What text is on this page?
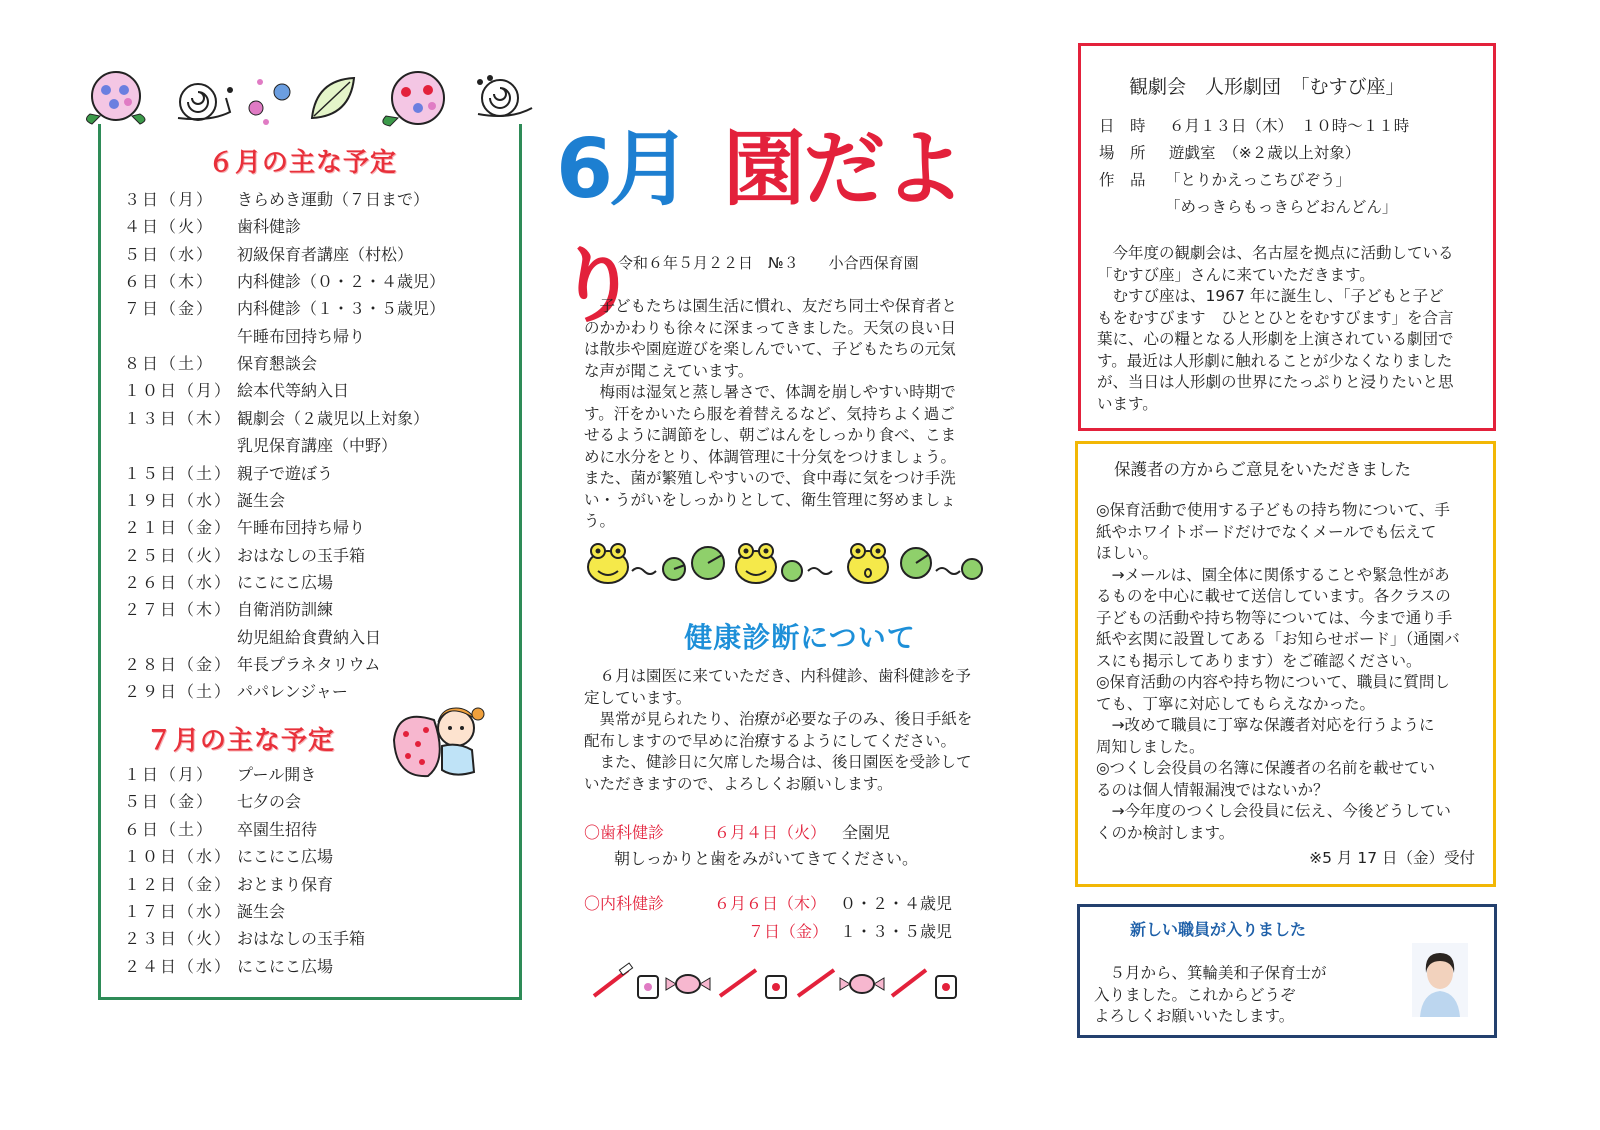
６月の主な予定
３日（月）	きらめき運動（７日まで）
４日（火）	歯科健診
５日（水）	初級保育者講座（村松）
６日（木）	内科健診（０・２・４歳児）
７日（金）	内科健診（１・３・５歳児）
午睡布団持ち帰り
８日（土）	保育懇談会
１０日（月） 絵本代等納入日
１３日（木） 観劇会（２歳児以上対象）
乳児保育講座（中野）
１５日（土） 親子で遊ぼう
１９日（水） 誕生会
２１日（金） 午睡布団持ち帰り
２５日（火） おはなしの玉手箱
２６日（水） にこにこ広場
２７日（木） 自衛消防訓練
幼児組給食費納入日
２８日（金） 年長プラネタリウム
２９日（土） パパレンジャー
７月の主な予定
１日（月）	プール開き
５日（金）	七夕の会
６日（土）	卒園生招待
１０日（水） にこにこ広場
１２日（金） おとまり保育
１７日（水） 誕生会
２３日（火） おはなしの玉手箱
２４日（水） にこにこ広場
6月 園だより
令和６年５月２２日　№３　　小合西保育園
　子どもたちは園生活に慣れ、友だち同士や保育者と
のかかわりも徐々に深まってきました。天気の良い日
は散歩や園庭遊びを楽しんでいて、子どもたちの元気
な声が聞こえています。
　梅雨は湿気と蒸し暑さで、体調を崩しやすい時期で
す。汗をかいたら服を着替えるなど、気持ちよく過ご
せるように調節をし、朝ごはんをしっかり食べ、こま
めに水分をとり、体調管理に十分気をつけましょう。
また、菌が繁殖しやすいので、食中毒に気をつけ手洗
い・うがいをしっかりとして、衛生管理に努めましょ
う。
健康診断について
　６月は園医に来ていただき、内科健診、歯科健診を予
定しています。
　異常が見られたり、治療が必要な子のみ、後日手紙を
配布しますので早めに治療するようにしてください。
　また、健診日に欠席した場合は、後日園医を受診して
いただきますので、よろしくお願いします。
〇歯科健診	６月４日（火） 全園児
朝しっかりと歯をみがいてきてください。
〇内科健診	６月６日（木） ０・２・４歳児
７日（金） １・３・５歳児
観劇会　人形劇団　「むすび座」
日　時 ６月１３日（木）　１０時～１１時
場　所 遊戯室　（※２歳以上対象）
作　品 「とりかえっこちびぞう」
「めっきらもっきらどおんどん」
　今年度の観劇会は、名古屋を拠点に活動している
「むすび座」さんに来ていただきます。
　むすび座は、1967 年に誕生し、「子どもと子ど
もをむすびます　ひととひとをむすびます」を合言
葉に、心の糧となる人形劇を上演されている劇団で
す。最近は人形劇に触れることが少なくなりました
が、当日は人形劇の世界にたっぷりと浸りたいと思
います。
保護者の方からご意見をいただきました
◎保育活動で使用する子どもの持ち物について、手
紙やホワイトボードだけでなくメールでも伝えて
ほしい。
　→メールは、園全体に関係することや緊急性があ
るものを中心に載せて送信しています。各クラスの
子どもの活動や持ち物等については、今まで通り手
紙や玄関に設置してある「お知らせボード」（通園バ
スにも掲示してあります）をご確認ください。
◎保育活動の内容や持ち物について、職員に質問し
ても、丁寧に対応してもらえなかった。
　→改めて職員に丁寧な保護者対応を行うように
周知しました。
◎つくし会役員の名簿に保護者の名前を載せてい
るのは個人情報漏洩ではないか？
　→今年度のつくし会役員に伝え、今後どうしてい
くのか検討します。
※5 月 17 日（金）受付
新しい職員が入りました
　５月から、箕輪美和子保育士が
入りました。これからどうぞ
よろしくお願いいたします。
